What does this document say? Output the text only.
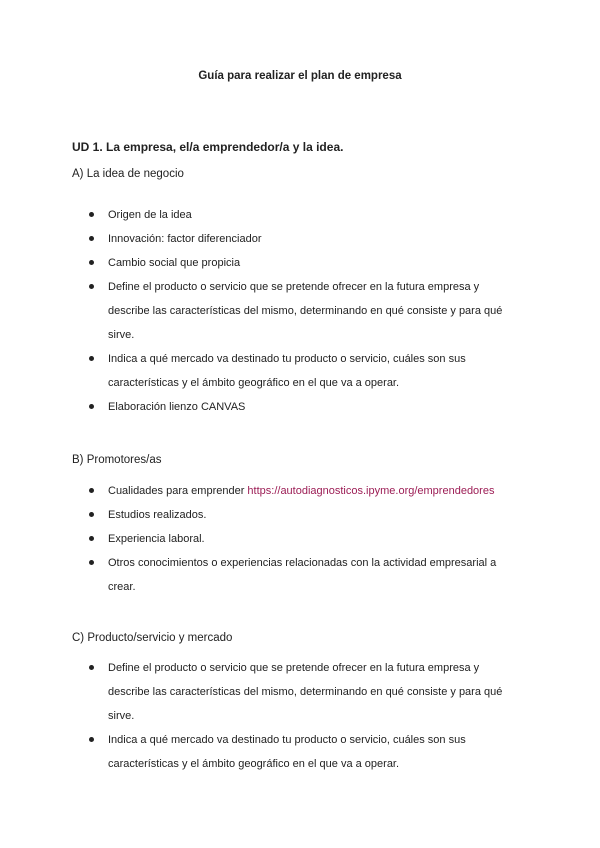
Guía para realizar el plan de empresa
UD 1. La empresa, el/a emprendedor/a y la idea.
A) La idea de negocio
Origen de la idea
Innovación: factor diferenciador
Cambio social que propicia
Define el producto o servicio que se pretende ofrecer en la futura empresa y describe las características del mismo, determinando en qué consiste y para qué sirve.
Indica a qué mercado va destinado tu producto o servicio, cuáles son sus características y el ámbito geográfico en el que va a operar.
Elaboración lienzo CANVAS
B) Promotores/as
Cualidades para emprender https://autodiagnosticos.ipyme.org/emprendedores
Estudios realizados.
Experiencia laboral.
Otros conocimientos o experiencias relacionadas con la actividad empresarial a crear.
C) Producto/servicio y mercado
Define el producto o servicio que se pretende ofrecer en la futura empresa y describe las características del mismo, determinando en qué consiste y para qué sirve.
Indica a qué mercado va destinado tu producto o servicio, cuáles son sus características y el ámbito geográfico en el que va a operar.
